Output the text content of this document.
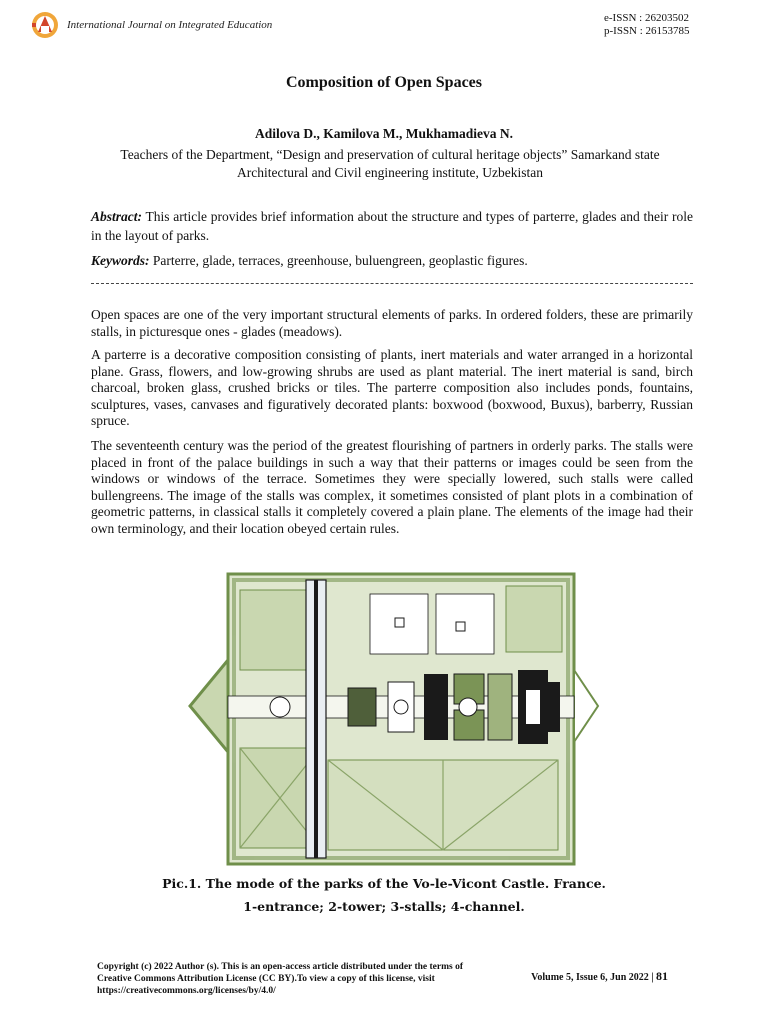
International Journal on Integrated Education
e-ISSN : 26203502
p-ISSN : 26153785
Composition of Open Spaces
Adilova D., Kamilova M., Mukhamadieva N.
Teachers of the Department, “Design and preservation of cultural heritage objects” Samarkand state Architectural and Civil engineering institute, Uzbekistan

Abstract: This article provides brief information about the structure and types of parterre, glades and their role in the layout of parks.

Keywords: Parterre, glade, terraces, greenhouse, buluengreen, geoplastic figures.

Open spaces are one of the very important structural elements of parks. In ordered folders, these are primarily stalls, in picturesque ones - glades (meadows).

A parterre is a decorative composition consisting of plants, inert materials and water arranged in a horizontal plane. Grass, flowers, and low-growing shrubs are used as plant material. The inert material is sand, birch charcoal, broken glass, crushed bricks or tiles. The parterre composition also includes ponds, fountains, sculptures, vases, canvases and figuratively decorated plants: boxwood (boxwood, Buxus), barberry, Russian spruce.

The seventeenth century was the period of the greatest flourishing of partners in orderly parks. The stalls were placed in front of the palace buildings in such a way that their patterns or images could be seen from the windows or windows of the terrace. Sometimes they were specially lowered, such stalls were called bullengreens. The image of the stalls was complex, it sometimes consisted of plant plots in a combination of geometric patterns, in classical stalls it completely covered a plain plane. The elements of the image had their own terminology, and their location obeyed certain rules.

Pic.1. The mode of the parks of the Vo-le-Vicont Castle. France.
1-entrance; 2-tower; 3-stalls; 4-channel.
Copyright (c) 2022 Author (s). This is an open-access article distributed under the terms of Creative Commons Attribution License (CC BY).To view a copy of this license, visit https://creativecommons.org/licenses/by/4.0/
Volume 5, Issue 6, Jun 2022 | 81
